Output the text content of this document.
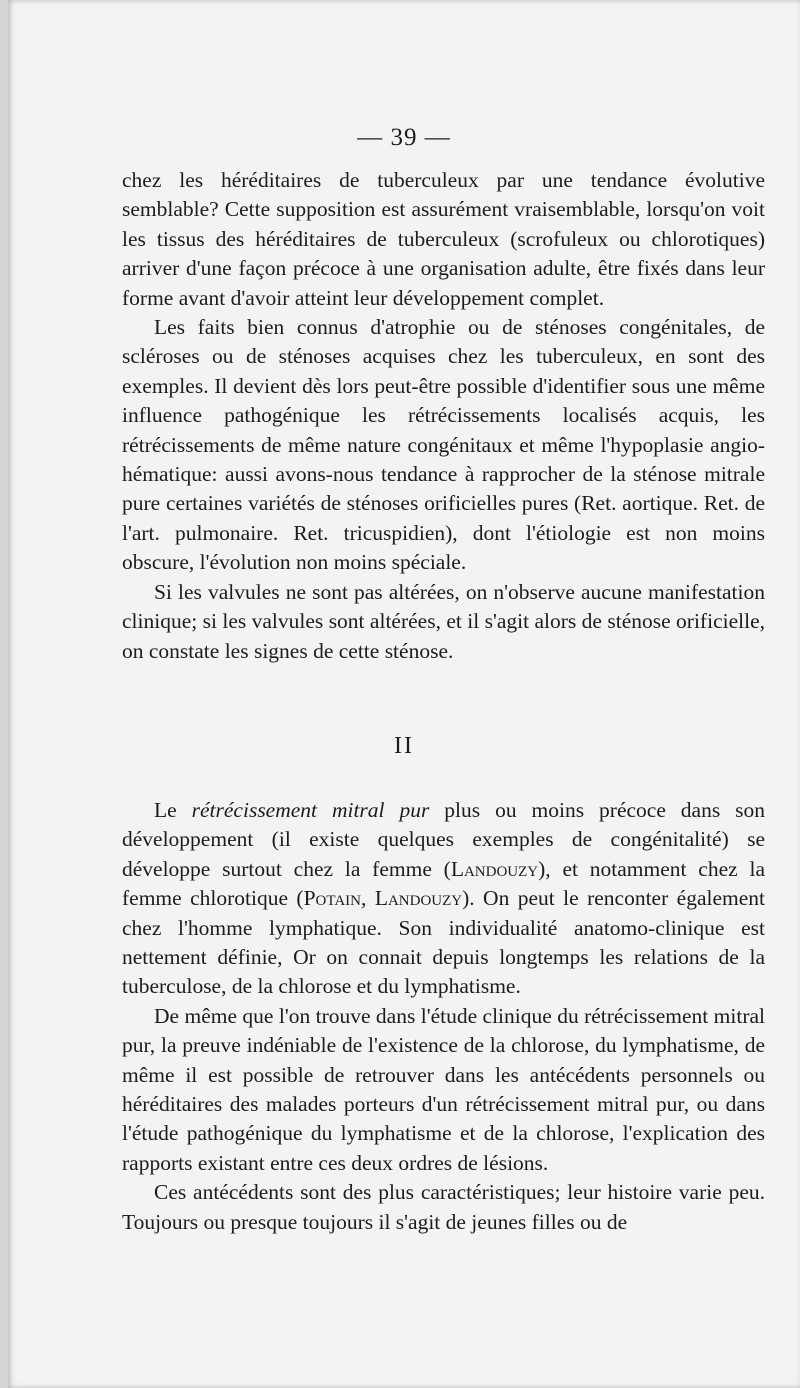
— 39 —

chez les héréditaires de tuberculeux par une tendance évolutive semblable? Cette supposition est assurément vraisemblable, lorsqu'on voit les tissus des héréditaires de tuberculeux (scrofuleux ou chlorotiques) arriver d'une façon précoce à une organisation adulte, être fixés dans leur forme avant d'avoir atteint leur développement complet.

Les faits bien connus d'atrophie ou de sténoses congénitales, de scléroses ou de sténoses acquises chez les tuberculeux, en sont des exemples. Il devient dès lors peut-être possible d'identifier sous une même influence pathogénique les rétrécissements localisés acquis, les rétrécissements de même nature congénitaux et même l'hypoplasie angio-hématique: aussi avons-nous tendance à rapprocher de la sténose mitrale pure certaines variétés de sténoses orificielles pures (Ret. aortique. Ret. de l'art. pulmonaire. Ret. tricuspidien), dont l'étiologie est non moins obscure, l'évolution non moins spéciale.

Si les valvules ne sont pas altérées, on n'observe aucune manifestation clinique; si les valvules sont altérées, et il s'agit alors de sténose orificielle, on constate les signes de cette sténose.

II

Le rétrécissement mitral pur plus ou moins précoce dans son développement (il existe quelques exemples de congénitalité) se développe surtout chez la femme (Landouzy), et notamment chez la femme chlorotique (Potain, Landouzy). On peut le renconter également chez l'homme lymphatique. Son individualité anatomo-clinique est nettement définie, Or on connait depuis longtemps les relations de la tuberculose, de la chlorose et du lymphatisme.

De même que l'on trouve dans l'étude clinique du rétrécissement mitral pur, la preuve indéniable de l'existence de la chlorose, du lymphatisme, de même il est possible de retrouver dans les antécédents personnels ou héréditaires des malades porteurs d'un rétrécissement mitral pur, ou dans l'étude pathogénique du lymphatisme et de la chlorose, l'explication des rapports existant entre ces deux ordres de lésions.

Ces antécédents sont des plus caractéristiques; leur histoire varie peu. Toujours ou presque toujours il s'agit de jeunes filles ou de
